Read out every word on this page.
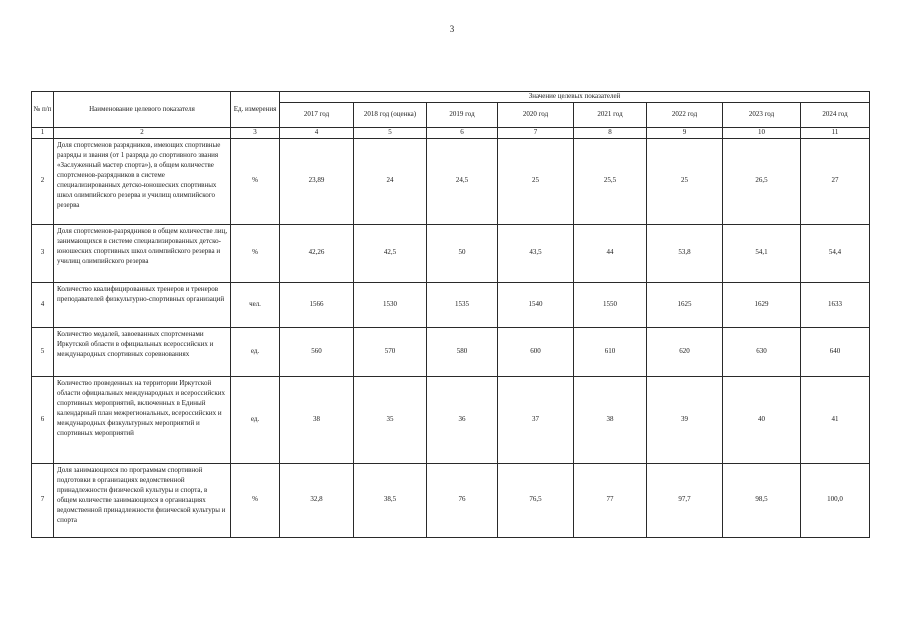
3
№ п/п	Наименование целевого показателя	Ед. измерения	Значение целевых показателей							
			2017 год	2018 год (оценка)	2019 год	2020 год	2021 год	2022 год	2023 год	2024 год
1	2	3	4	5	6	7	8	9	10	11
2	Доля спортсменов разрядников, имеющих спортивные разряды и звания (от 1 разряда до спортивного звания «Заслуженный мастер спорта»), в общем количестве спортсменов-разрядников в системе специализированных детско-юношеских спортивных школ олимпийского резерва и училищ олимпийского резерва	%	23,89	24	24,5	25	25,5	25	26,5	27
3	Доля спортсменов-разрядников в общем количестве лиц, занимающихся в системе специализированных детско-юношеских спортивных школ олимпийского резерва и училищ олимпийского резерва	%	42,26	42,5	50	43,5	44	53,8	54,1	54,4
4	Количество квалифицированных тренеров и тренеров преподавателей физкультурно-спортивных организаций	чел.	1566	1530	1535	1540	1550	1625	1629	1633
5	Количество медалей, завоеванных спортсменами Иркутской области в официальных всероссийских и международных спортивных соревнованиях	ед.	560	570	580	600	610	620	630	640
6	Количество проведенных на территории Иркутской области официальных международных и всероссийских спортивных мероприятий, включенных в Единый календарный план межрегиональных, всероссийских и международных физкультурных мероприятий и спортивных мероприятий	ед.	38	35	36	37	38	39	40	41
7	Доля занимающихся по программам спортивной подготовки в организациях ведомственной принадлежности физической культуры и спорта, в общем количестве занимающихся в организациях ведомственной принадлежности физической культуры и спорта	%	32,8	38,5	76	76,5	77	97,7	98,5	100,0
